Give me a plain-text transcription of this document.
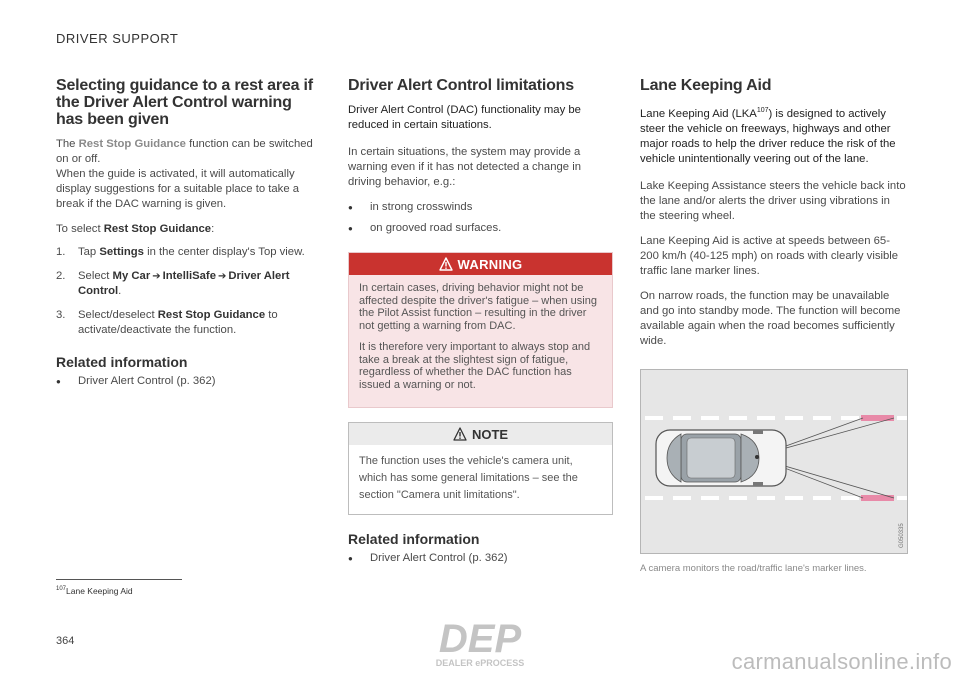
DRIVER SUPPORT
Selecting guidance to a rest area if the Driver Alert Control warning has been given

The Rest Stop Guidance function can be switched on or off.

When the guide is activated, it will automatically display suggestions for a suitable place to take a break if the DAC warning is given.

To select Rest Stop Guidance:

1.	Tap Settings in the center display's Top view.
2.	Select My Car ➔ IntelliSafe ➔ Driver Alert Control.
3.	Select/deselect Rest Stop Guidance to activate/deactivate the function.
Related information
●	Driver Alert Control (p. 362)
Driver Alert Control limitations

Driver Alert Control (DAC) functionality may be reduced in certain situations.

In certain situations, the system may provide a warning even if it has not detected a change in driving behavior, e.g.:

●	in strong crosswinds
●	on grooved road surfaces.
WARNING

In certain cases, driving behavior might not be affected despite the driver's fatigue – when using the Pilot Assist function – resulting in the driver not getting a warning from DAC.

It is therefore very important to always stop and take a break at the slightest sign of fatigue, regardless of whether the DAC function has issued a warning or not.

NOTE

The function uses the vehicle's camera unit, which has some general limitations – see the section "Camera unit limitations".

Related information
●	Driver Alert Control (p. 362)
Lane Keeping Aid

Lane Keeping Aid (LKA$^{107}$) is designed to actively steer the vehicle on freeways, highways and other major roads to help the driver reduce the risk of the vehicle unintentionally veering out of the lane.

Lake Keeping Assistance steers the vehicle back into the lane and/or alerts the driver using vibrations in the steering wheel.

Lane Keeping Aid is active at speeds between 65-200 km/h (40-125 mph) on roads with clearly visible traffic lane marker lines.

On narrow roads, the function may be unavailable and go into standby mode. The function will become available again when the road becomes sufficiently wide.

G050335
A camera monitors the road/traffic lane's marker lines.
$^{107}$Lane Keeping Aid
364	DEP
DEALER ePROCESS	carmanualsonline.info
